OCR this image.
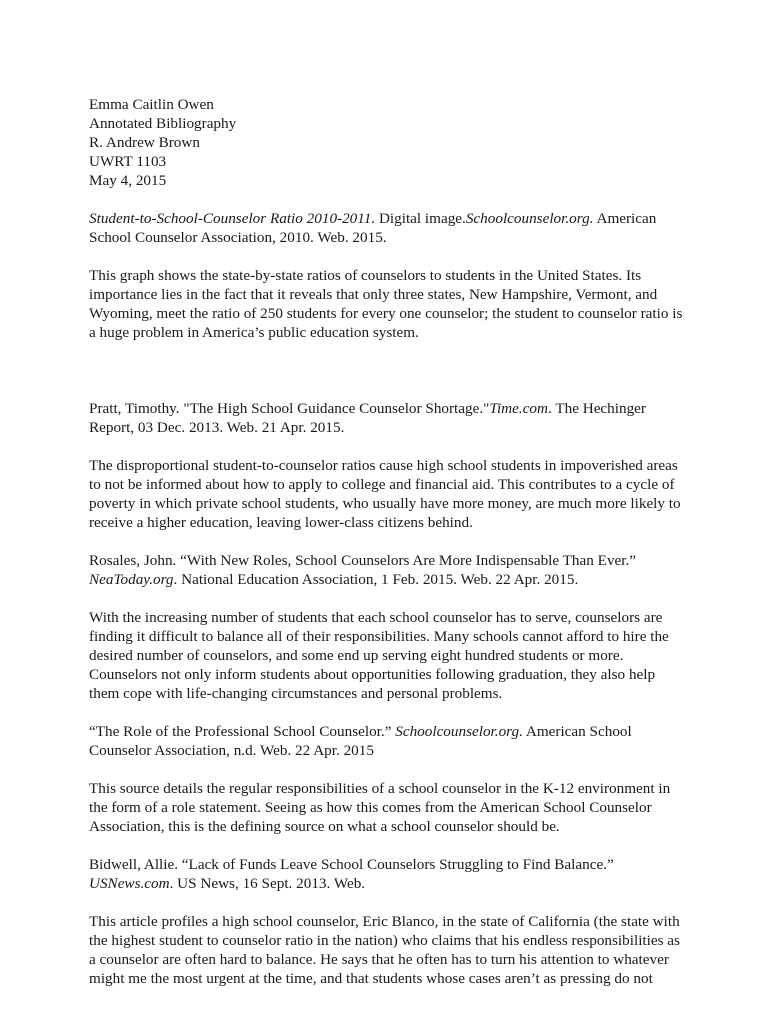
Emma Caitlin Owen
Annotated Bibliography
R. Andrew Brown
UWRT 1103
May 4, 2015

Student-to-School-Counselor Ratio 2010-2011. Digital image.Schoolcounselor.org. American School Counselor Association, 2010. Web. 2015.

This graph shows the state-by-state ratios of counselors to students in the United States. Its importance lies in the fact that it reveals that only three states, New Hampshire, Vermont, and Wyoming, meet the ratio of 250 students for every one counselor; the student to counselor ratio is a huge problem in America’s public education system.

Pratt, Timothy. "The High School Guidance Counselor Shortage."Time.com. The Hechinger Report, 03 Dec. 2013. Web. 21 Apr. 2015.

The disproportional student-to-counselor ratios cause high school students in impoverished areas to not be informed about how to apply to college and financial aid. This contributes to a cycle of poverty in which private school students, who usually have more money, are much more likely to receive a higher education, leaving lower-class citizens behind.

Rosales, John. “With New Roles, School Counselors Are More Indispensable Than Ever.” NeaToday.org. National Education Association, 1 Feb. 2015. Web. 22 Apr. 2015.

With the increasing number of students that each school counselor has to serve, counselors are finding it difficult to balance all of their responsibilities. Many schools cannot afford to hire the desired number of counselors, and some end up serving eight hundred students or more. Counselors not only inform students about opportunities following graduation, they also help them cope with life-changing circumstances and personal problems.

“The Role of the Professional School Counselor.” Schoolcounselor.org. American School Counselor Association, n.d. Web. 22 Apr. 2015

This source details the regular responsibilities of a school counselor in the K-12 environment in the form of a role statement. Seeing as how this comes from the American School Counselor Association, this is the defining source on what a school counselor should be.

Bidwell, Allie. “Lack of Funds Leave School Counselors Struggling to Find Balance.” USNews.com. US News, 16 Sept. 2013. Web.

This article profiles a high school counselor, Eric Blanco, in the state of California (the state with the highest student to counselor ratio in the nation) who claims that his endless responsibilities as a counselor are often hard to balance. He says that he often has to turn his attention to whatever might me the most urgent at the time, and that students whose cases aren’t as pressing do not
